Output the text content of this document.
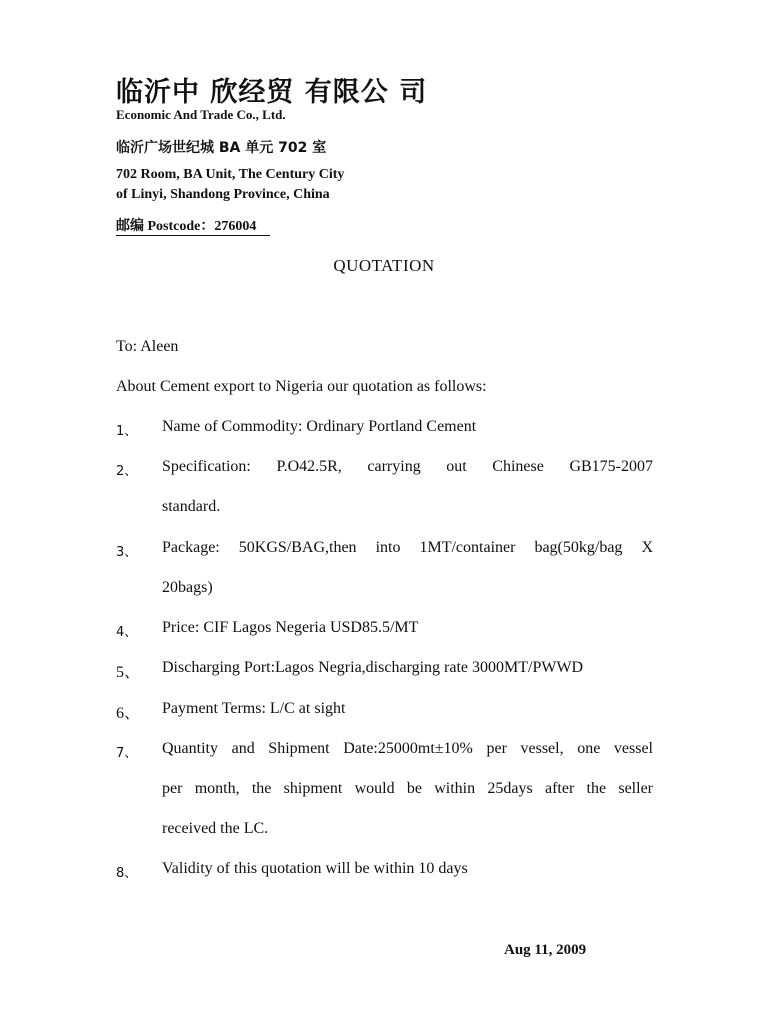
临沂中 欣经贸 有限公 司
Economic And Trade Co., Ltd.
临沂广场世纪城 BA 单元 702 室
702 Room, BA Unit, The Century City
of Linyi, Shandong Province, China
邮编 Postcode：276004
QUOTATION
To: Aleen
About Cement export to Nigeria our quotation as follows:
1、 Name of Commodity: Ordinary Portland Cement
2、 Specification: P.O42.5R, carrying out Chinese GB175-2007
standard.
3、 Package: 50KGS/BAG,then into 1MT/container bag(50kg/bag X
20bags)
4、 Price: CIF Lagos Negeria USD85.5/MT
5、 Discharging Port:Lagos Negria,discharging rate 3000MT/PWWD
6、 Payment Terms: L/C at sight
7、 Quantity and Shipment Date:25000mt±10% per vessel, one vessel
per month, the shipment would be within 25days after the seller
received the LC.
8、 Validity of this quotation will be within 10 days
Aug 11, 2009
